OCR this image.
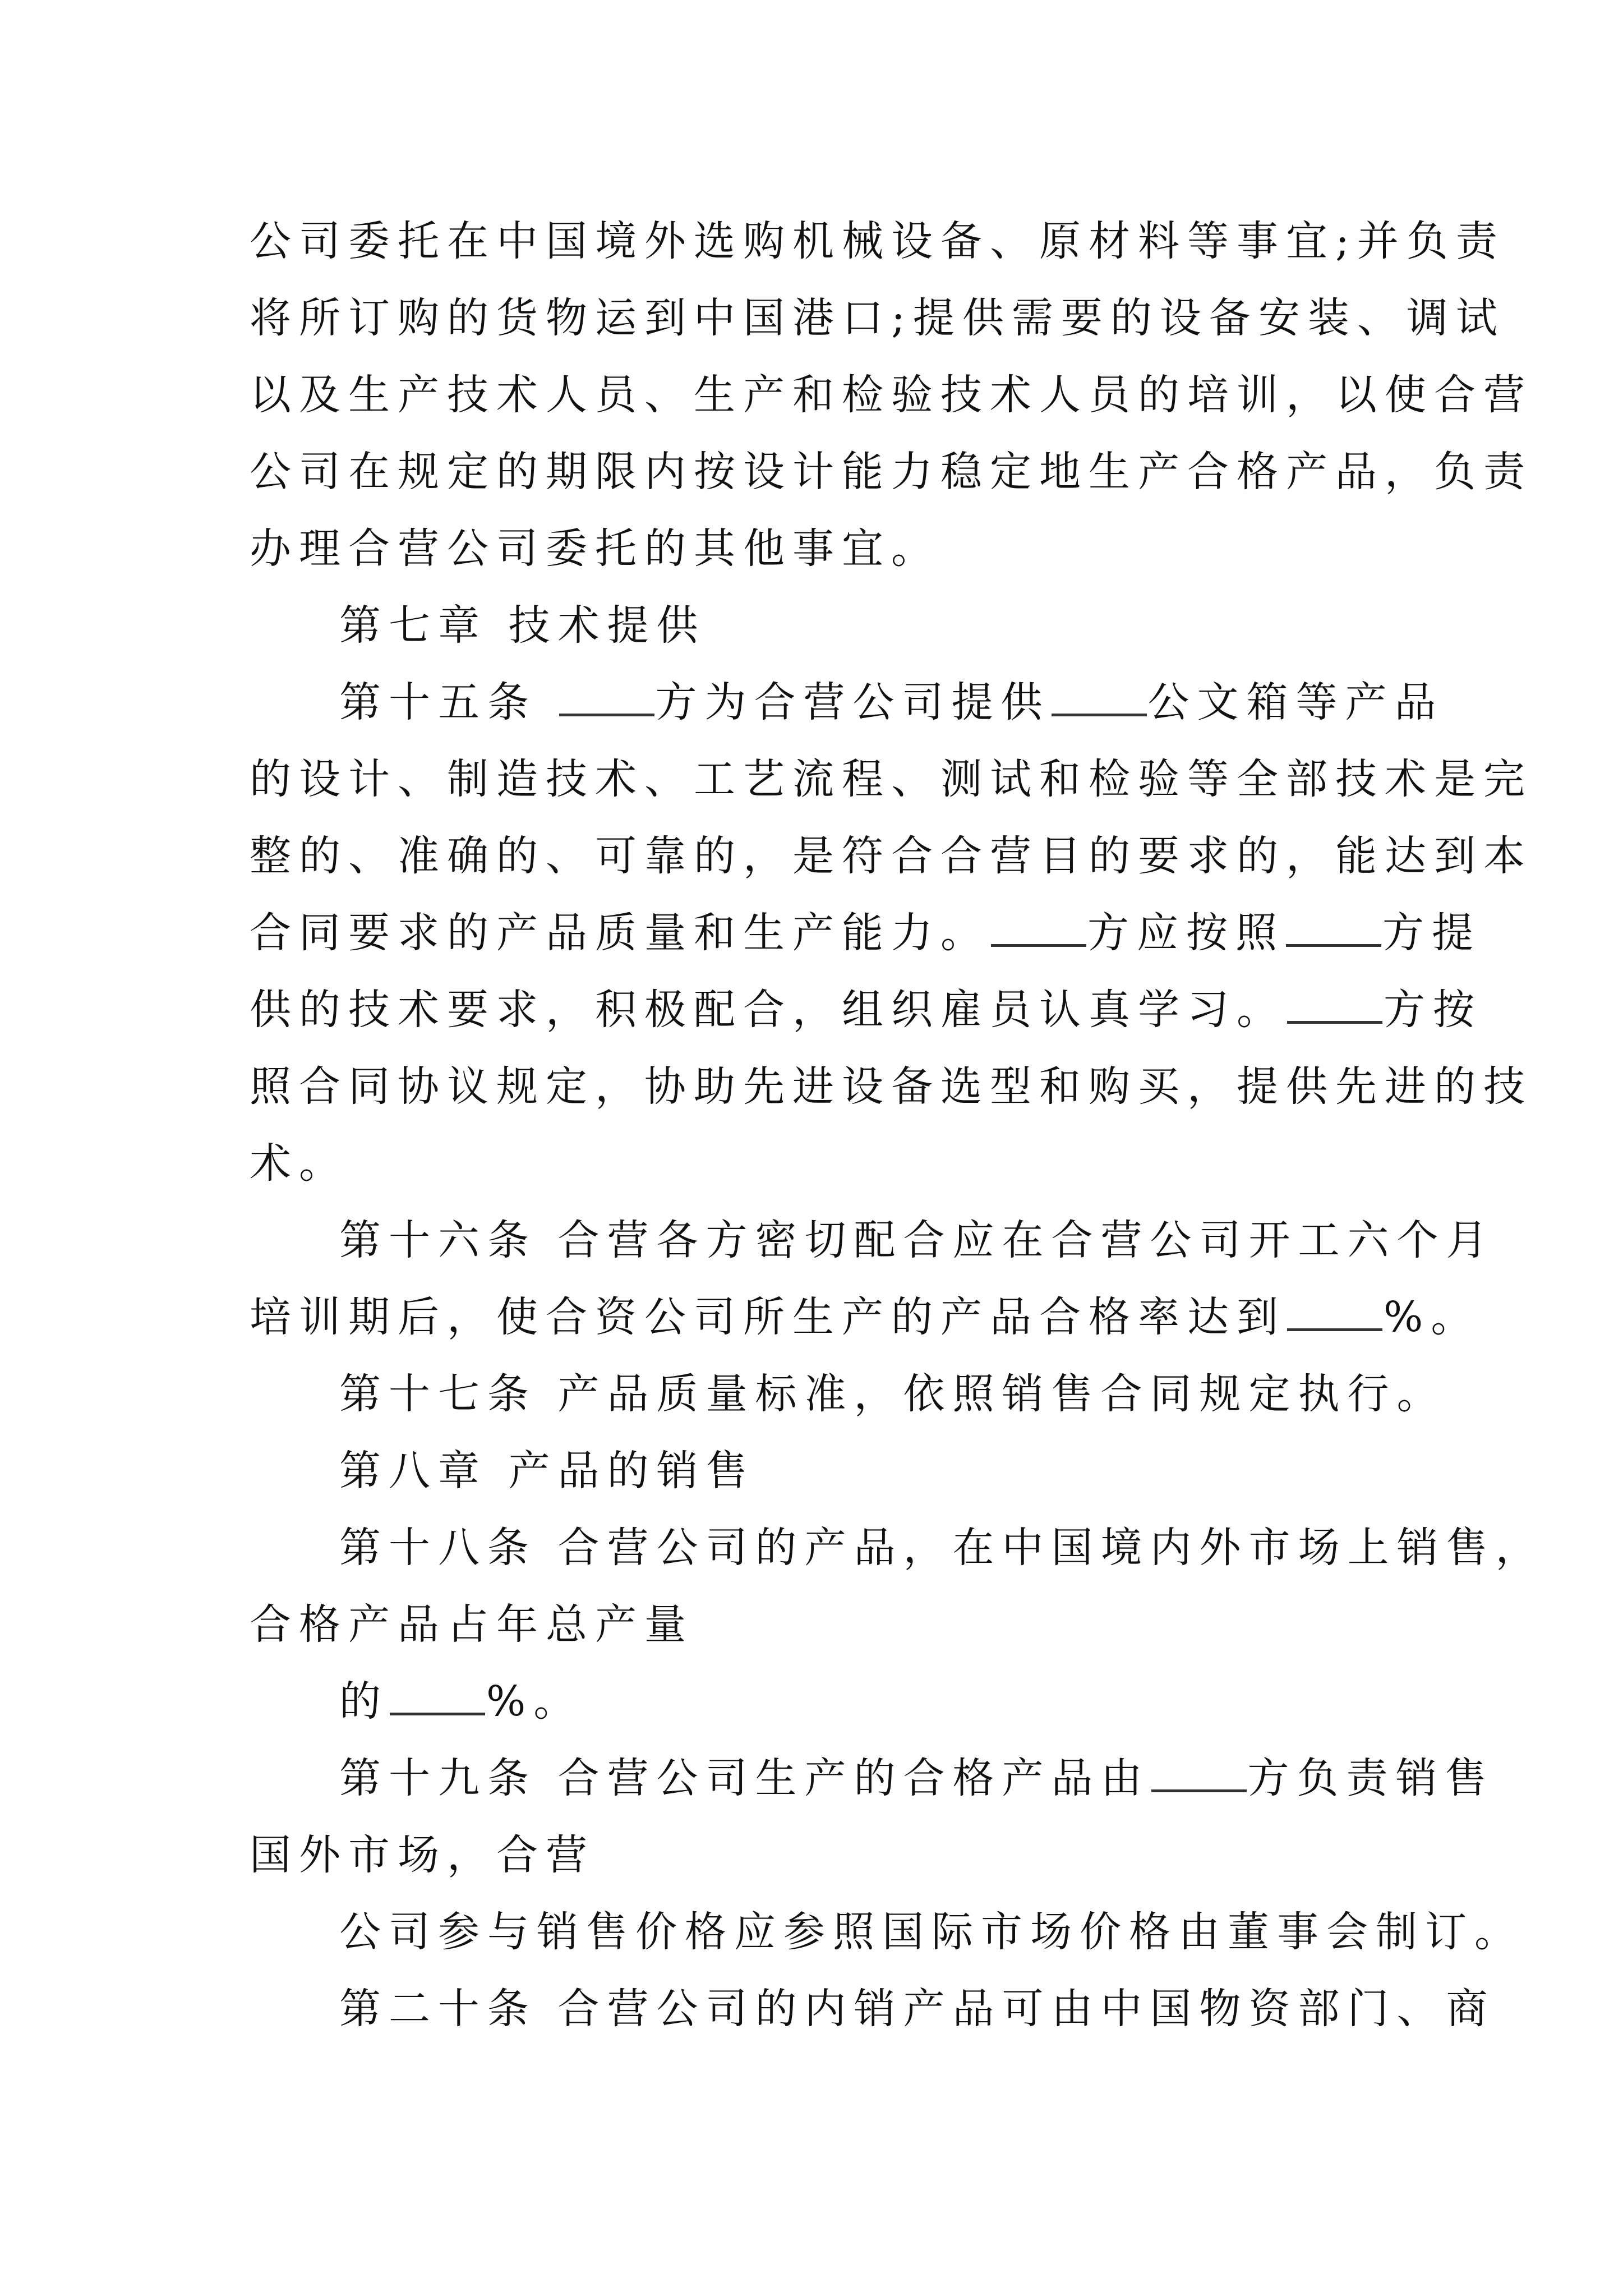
公司委托在中国境外选购机械设备、原材料等事宜;并负责
将所订购的货物运到中国港口;提供需要的设备安装、调试
以及生产技术人员、生产和检验技术人员的培训，以使合营
公司在规定的期限内按设计能力稳定地生产合格产品，负责
办理合营公司委托的其他事宜。
第七章 技术提供
第十五条	方为合营公司提供 公文箱等产品
的设计、制造技术、工艺流程、测试和检验等全部技术是完
整的、准确的、可靠的，是符合合营目的要求的，能达到本
合同要求的产品质量和生产能力。 方应按照 方提
供的技术要求，积极配合，组织雇员认真学习。 方按
照合同协议规定，协助先进设备选型和购买，提供先进的技
术。
第十六条 合营各方密切配合应在合营公司开工六个月
培训期后，使合资公司所生产的产品合格率达到 %。
第十七条 产品质量标准，依照销售合同规定执行。
第八章 产品的销售
第十八条 合营公司的产品，在中国境内外市场上销售，
合格产品占年总产量
的 %。
第十九条 合营公司生产的合格产品由 方负责销售
国外市场，合营
公司参与销售价格应参照国际市场价格由董事会制订。
第二十条 合营公司的内销产品可由中国物资部门、商
